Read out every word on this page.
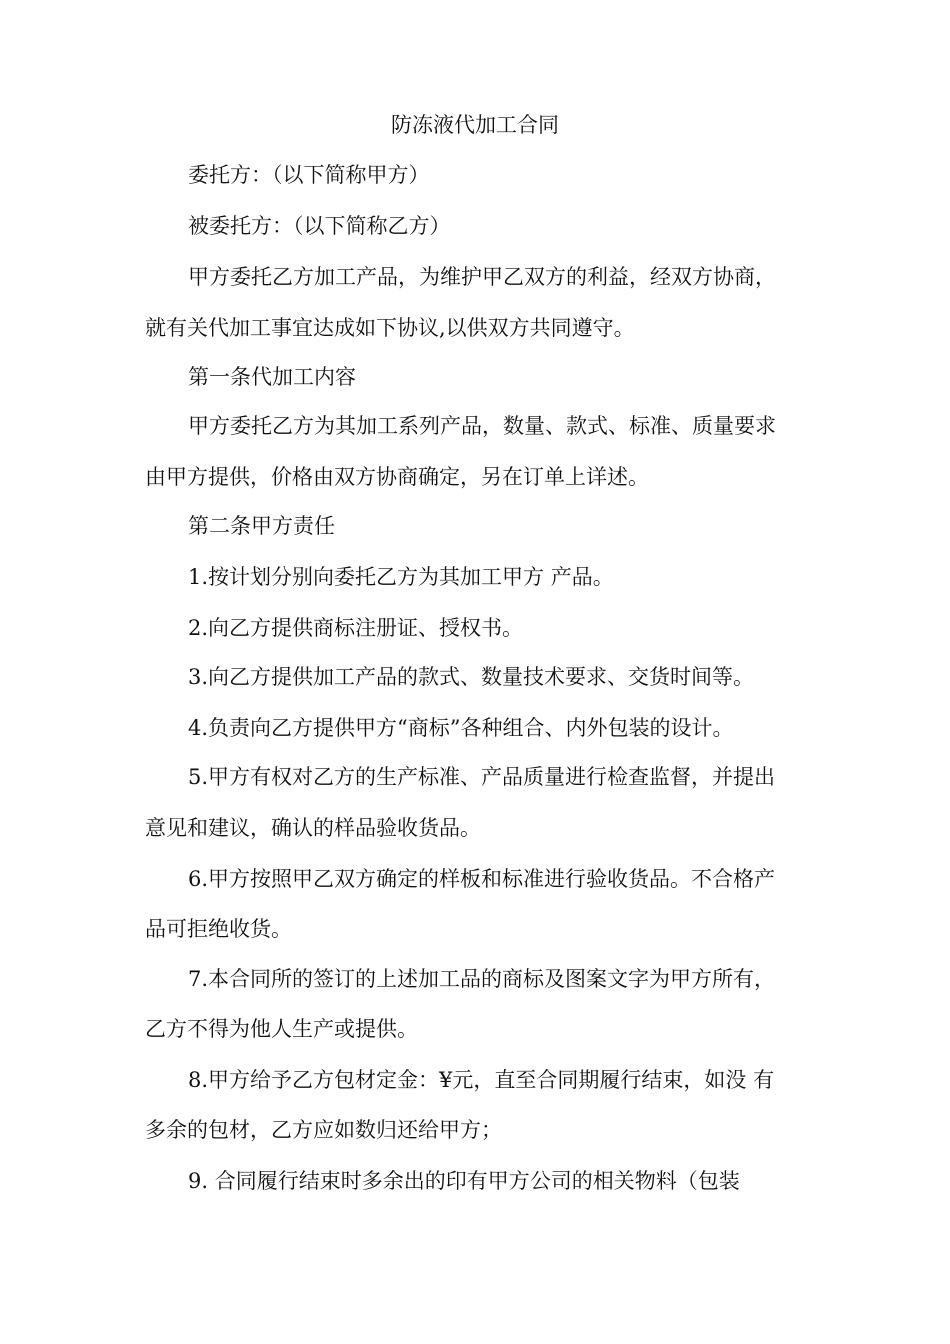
防冻液代加工合同
委托方：（以下简称甲方）
被委托方：（以下简称乙方）
甲方委托乙方加工产品，为维护甲乙双方的利益，经双方协商，
就有关代加工事宜达成如下协议,以供双方共同遵守。
第一条代加工内容
甲方委托乙方为其加工系列产品，数量、款式、标准、质量要求
由甲方提供，价格由双方协商确定，另在订单上详述。
第二条甲方责任
1.按计划分别向委托乙方为其加工甲方 产品。
2.向乙方提供商标注册证、授权书。
3.向乙方提供加工产品的款式、数量技术要求、交货时间等。
4.负责向乙方提供甲方“商标”各种组合、内外包装的设计。
5.甲方有权对乙方的生产标准、产品质量进行检查监督，并提出
意见和建议，确认的样品验收货品。
6.甲方按照甲乙双方确定的样板和标准进行验收货品。不合格产
品可拒绝收货。
7.本合同所的签订的上述加工品的商标及图案文字为甲方所有，
乙方不得为他人生产或提供。
8.甲方给予乙方包材定金：¥元，直至合同期履行结束，如没 有
多余的包材，乙方应如数归还给甲方；
9. 合同履行结束时多余出的印有甲方公司的相关物料（包装
